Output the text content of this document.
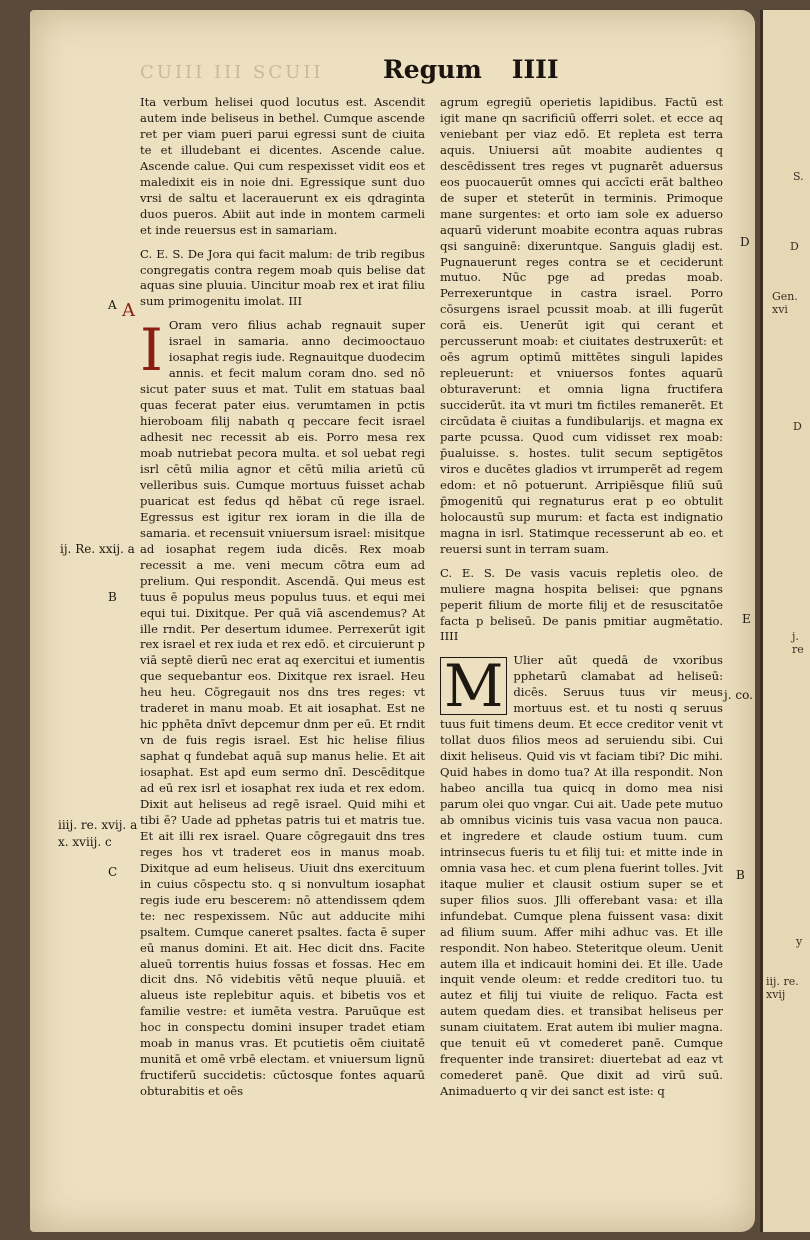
CUIII III SCUII Regum IIII

Ita verbum helisei quod locutus est. Ascendit autem inde beliseus in bethel. Cumque ascende ret per viam pueri parui egressi sunt de ciuita te et illudebant ei dicentes. Ascende calue. Ascende calue. Qui cum respexisset vidit eos et maledixit eis in noie dni. Egressique sunt duo vrsi de saltu et lacerauerunt ex eis qdraginta duos pueros. Abiit aut inde in montem carmeli et inde reuersus est in samariam.

C. E. S. De Jora qui facit malum: de trib regibus congregatis contra regem moab quis belise dat aquas sine pluuia. Uincitur moab rex et irat filiu sum primogenitu imolat. III

I Oram vero filius achab regnauit super israel in samaria. anno decimooctauo iosaphat regis iude. Regnauitque duodecim annis. et fecit malum coram dno. sed nō sicut pater suus et mat. Tulit em statuas baal quas fecerat pater eius. verumtamen in pctis hieroboam filij nabath q peccare fecit israel adhesit nec recessit ab eis. Porro mesa rex moab nutriebat pecora multa. et sol uebat regi isrl cētū milia agnor et cētū milia arietū cū velleribus suis. Cumque mortuus fuisset achab puaricat est fedus qd hēbat cū rege israel. Egressus est igitur rex ioram in die illa de samaria. et recensuit vniuersum israel: misitque ad iosaphat regem iuda dicēs. Rex moab recessit a me. veni mecum cōtra eum ad prelium. Qui respondit. Ascendā. Qui meus est tuus ē populus meus populus tuus. et equi mei equi tui. Dixitque. Per quā viā ascendemus? At ille rndit. Per desertum idumee. Perrexerūt igit rex israel et rex iuda et rex edō. et circuierunt p viā septē dierū nec erat aq exercitui et iumentis que sequebantur eos. Dixitque rex israel. Heu heu heu. Cōgregauit nos dns tres reges: vt traderet in manu moab. Et ait iosaphat. Est ne hic pphēta dnīvt depcemur dnm per eū. Et rndit vn de fuis regis israel. Est hic helise filius saphat q fundebat aquā sup manus helie. Et ait iosaphat. Est apd eum sermo dnī. Descēditque ad eū rex isrl et iosaphat rex iuda et rex edom. Dixit aut heliseus ad regē israel. Quid mihi et tibi ē? Uade ad pphetas patris tui et matris tue. Et ait illi rex israel. Quare cōgregauit dns tres reges hos vt traderet eos in manus moab. Dixitque ad eum heliseus. Uiuit dns exercituum in cuius cōspectu sto. q si nonvultum iosaphat regis iude eru bescerem: nō attendissem qdem te: nec respexissem. Nūc aut adducite mihi psaltem. Cumque caneret psaltes. facta ē super eū manus domini. Et ait. Hec dicit dns. Facite alueū torrentis huius fossas et fossas. Hec em dicit dns. Nō videbitis vētū neque pluuiā. et alueus iste replebitur aquis. et bibetis vos et familie vestre: et iumēta vestra. Paruūque est hoc in conspectu domini insuper tradet etiam moab in manus vras. Et pcutietis oēm ciuitatē munitā et omē vrbē electam. et vniuersum lignū fructiferū succidetis: cūctosque fontes aquarū obturabitis et oēs

agrum egregiū operietis lapidibus. Factū est igit mane qn sacrificiū offerri solet. et ecce aq veniebant per viaz edō. Et repleta est terra aquis. Uniuersi aūt moabite audientes q descēdissent tres reges vt pugnarēt aduersus eos puocauerūt omnes qui accīcti erāt baltheo de super et steterūt in terminis. Primoque mane surgentes: et orto iam sole ex aduerso aquarū viderunt moabite econtra aquas rubras qsi sanguinē: dixeruntque. Sanguis gladij est. Pugnauerunt reges contra se et ceciderunt mutuo. Nūc pge ad predas moab. Perrexeruntque in castra israel. Porro cōsurgens israel pcussit moab. at illi fugerūt corā eis. Uenerūt igit qui cerant et percusserunt moab: et ciuitates destruxerūt: et oēs agrum optimū mittētes singuli lapides repleuerunt: et vniuersos fontes aquarū obturaverunt: et omnia ligna fructifera succiderūt. ita vt muri tm fictiles remanerēt. Et circūdata ē ciuitas a fundibularijs. et magna ex parte pcussa. Quod cum vidisset rex moab: p̄ualuisse. s. hostes. tulit secum septigētos viros e ducētes gladios vt irrumperēt ad regem edom: et nō potuerunt. Arripiēsque filiū suū p̄mogenitū qui regnaturus erat p eo obtulit holocaustū sup murum: et facta est indignatio magna in isrl. Statimque recesserunt ab eo. et reuersi sunt in terram suam.

C. E. S. De vasis vacuis repletis oleo. de muliere magna hospita belisei: que pgnans peperit filium de morte filij et de resuscitatōe facta p beliseū. De panis pmitiar augmētatio. IIII

M Ulier aūt quedā de vxoribus pphetarū clamabat ad heliseū: dicēs. Seruus tuus vir meus mortuus est. et tu nosti q seruus tuus fuit timens deum. Et ecce creditor venit vt tollat duos filios meos ad seruiendu sibi. Cui dixit heliseus. Quid vis vt faciam tibi? Dic mihi. Quid habes in domo tua? At illa respondit. Non habeo ancilla tua quicq in domo mea nisi parum olei quo vngar. Cui ait. Uade pete mutuo ab omnibus vicinis tuis vasa vacua non pauca. et ingredere et claude ostium tuum. cum intrinsecus fueris tu et filij tui: et mitte inde in omnia vasa hec. et cum plena fuerint tolles. Jvit itaque mulier et clausit ostium super se et super filios suos. Jlli offerebant vasa: et illa infundebat. Cumque plena fuissent vasa: dixit ad filium suum. Affer mihi adhuc vas. Et ille respondit. Non habeo. Steteritque oleum. Uenit autem illa et indicauit homini dei. Et ille. Uade inquit vende oleum: et redde creditori tuo. tu autez et filij tui viuite de reliquo. Facta est autem quedam dies. et transibat heliseus per sunam ciuitatem. Erat autem ibi mulier magna. que tenuit eū vt comederet panē. Cumque frequenter inde transiret: diuertebat ad eaz vt comederet panē. Que dixit ad virū suū. Animaduerto q vir dei sanct est iste: q

A A
ij. Re. xxij. a
B
iiij. re. xvij. a
x. xviij. c
C
D
E
j. co.
B
S.
D
Gen. xvi
D
j. re
y
iij. re. xvij
